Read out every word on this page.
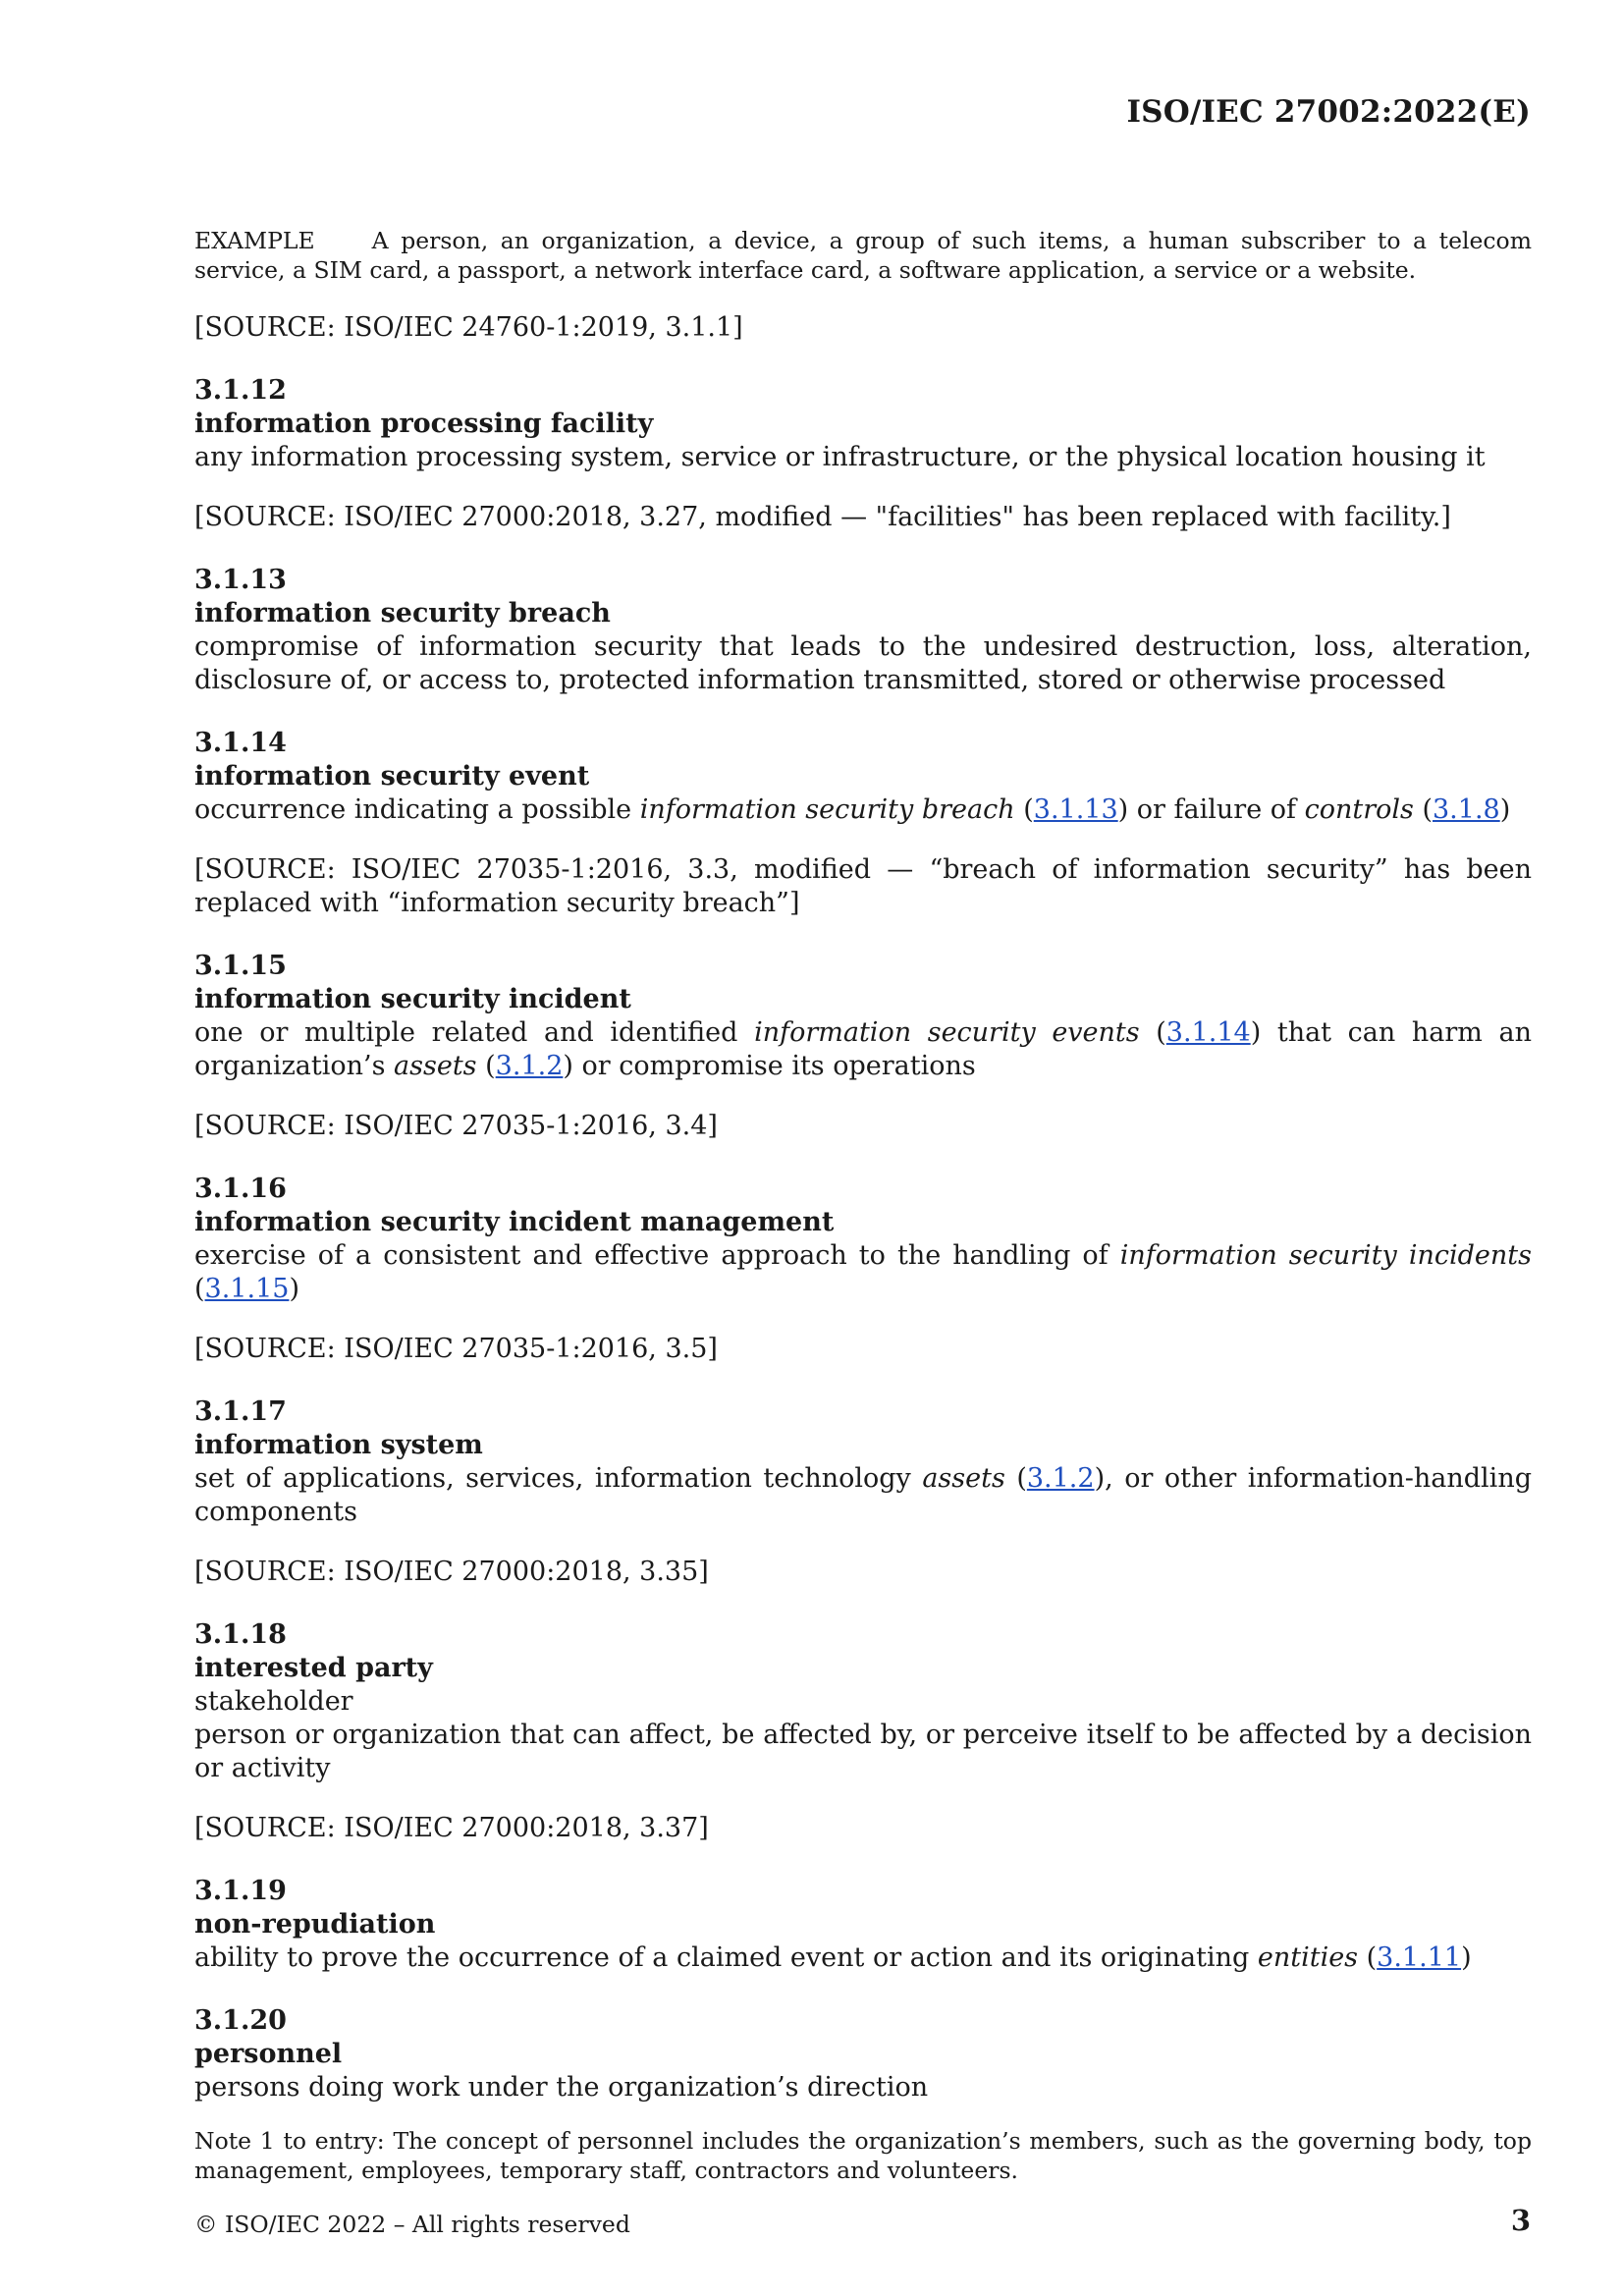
ISO/IEC 27002:2022(E)

EXAMPLE A person, an organization, a device, a group of such items, a human subscriber to a telecom service, a SIM card, a passport, a network interface card, a software application, a service or a website.

[SOURCE: ISO/IEC 24760-1:2019, 3.1.1]

3.1.12
information processing facility
any information processing system, service or infrastructure, or the physical location housing it

[SOURCE: ISO/IEC 27000:2018, 3.27, modified — "facilities" has been replaced with facility.]

3.1.13
information security breach
compromise of information security that leads to the undesired destruction, loss, alteration, disclosure of, or access to, protected information transmitted, stored or otherwise processed
3.1.14
information security event
occurrence indicating a possible information security breach (3.1.13) or failure of controls (3.1.8)

[SOURCE: ISO/IEC 27035-1:2016, 3.3, modified — “breach of information security” has been replaced with “information security breach”]

3.1.15
information security incident
one or multiple related and identified information security events (3.1.14) that can harm an organization’s assets (3.1.2) or compromise its operations

[SOURCE: ISO/IEC 27035-1:2016, 3.4]

3.1.16
information security incident management
exercise of a consistent and effective approach to the handling of information security incidents (3.1.15)

[SOURCE: ISO/IEC 27035-1:2016, 3.5]

3.1.17
information system
set of applications, services, information technology assets (3.1.2), or other information-handling components

[SOURCE: ISO/IEC 27000:2018, 3.35]

3.1.18
interested party
stakeholder
person or organization that can affect, be affected by, or perceive itself to be affected by a decision or activity

[SOURCE: ISO/IEC 27000:2018, 3.37]

3.1.19
non-repudiation
ability to prove the occurrence of a claimed event or action and its originating entities (3.1.11)
3.1.20
personnel
persons doing work under the organization’s direction

Note 1 to entry: The concept of personnel includes the organization’s members, such as the governing body, top management, employees, temporary staff, contractors and volunteers.

© ISO/IEC 2022 – All rights reserved	3
